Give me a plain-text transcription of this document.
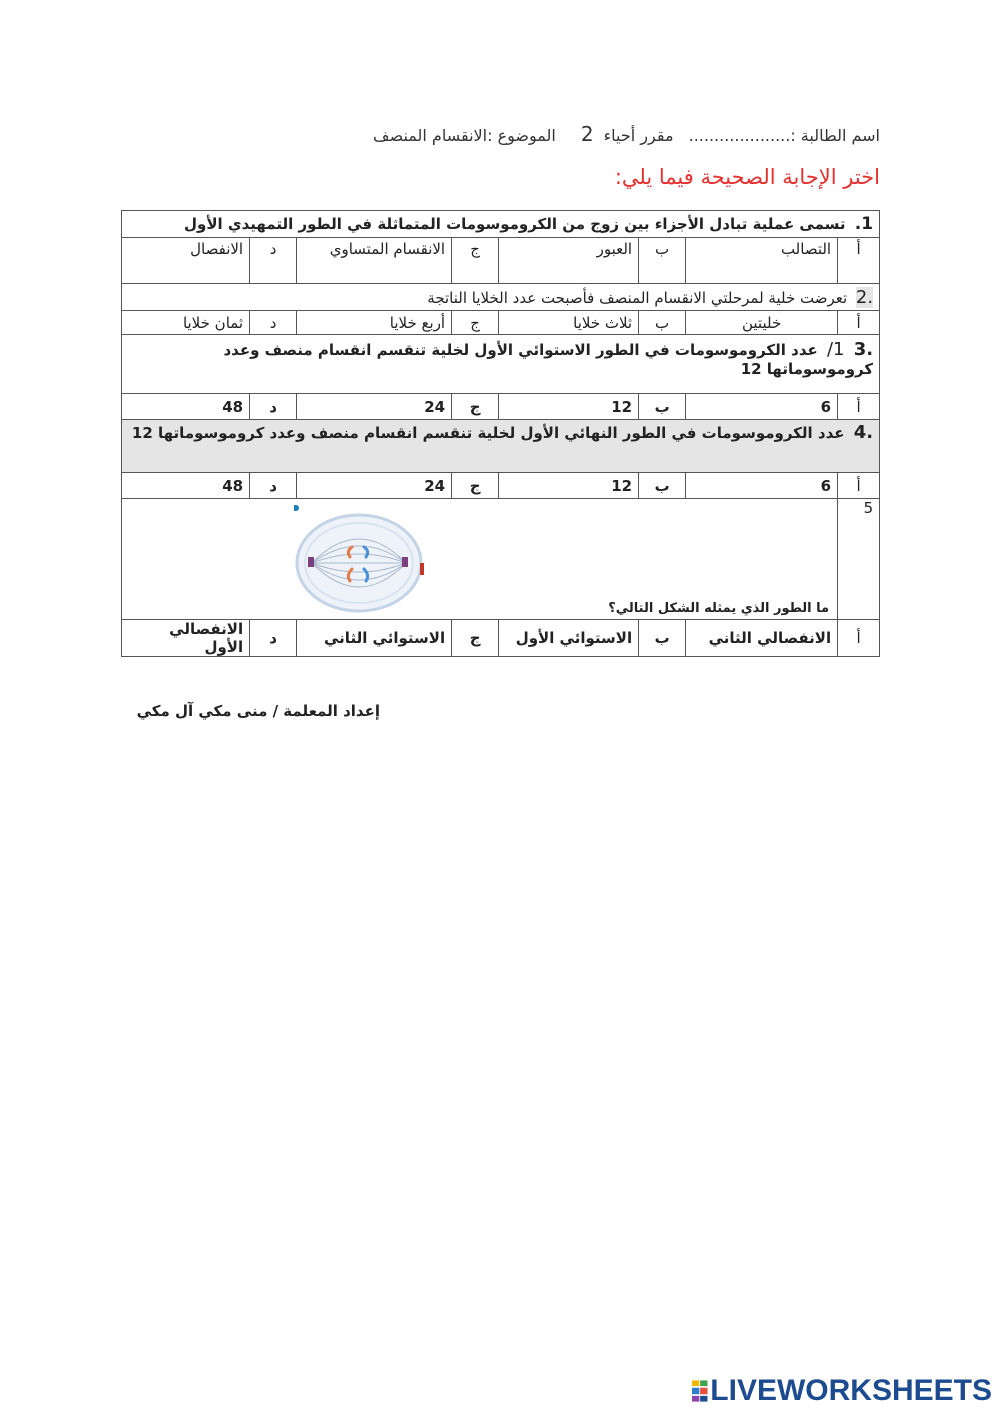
اسم الطالبة :.................... مقرر أحياء2 الموضوع :الانقسام المنصف
اختر الإجابة الصحيحة فيما يلي:
1. تسمى عملية تبادل الأجزاء بين زوج من الكروموسومات المتماثلة في الطور التمهيدي الأول							
أ	التصالب	ب	العبور	ج	الانقسام المتساوي	د	الانفصال
.2 تعرضت خلية لمرحلتي الانقسام المنصف فأصبحت عدد الخلايا الناتجة							
أ	خليتين	ب	ثلاث خلايا	ج	أربع خلايا	د	ثمان خلايا
.3 1/ عدد الكروموسومات في الطور الاستوائي الأول لخلية تنقسم انقسام منصف وعدد كروموسوماتها 12							
أ	6	ب	12	ج	24	د	48
.4 عدد الكروموسومات في الطور النهائي الأول لخلية تنقسم انقسام منصف وعدد كروموسوماتها 12							
أ	6	ب	12	ج	24	د	48
5	ما الطور الذي يمثله الشكل التالي؟						

أ	الانفصالي الثاني	ب	الاستوائي الأول	ج	الاستوائي الثاني	د	الانفصالي الأول
إعداد المعلمة / منى مكي آل مكي
LIVEWORKSHEETS
